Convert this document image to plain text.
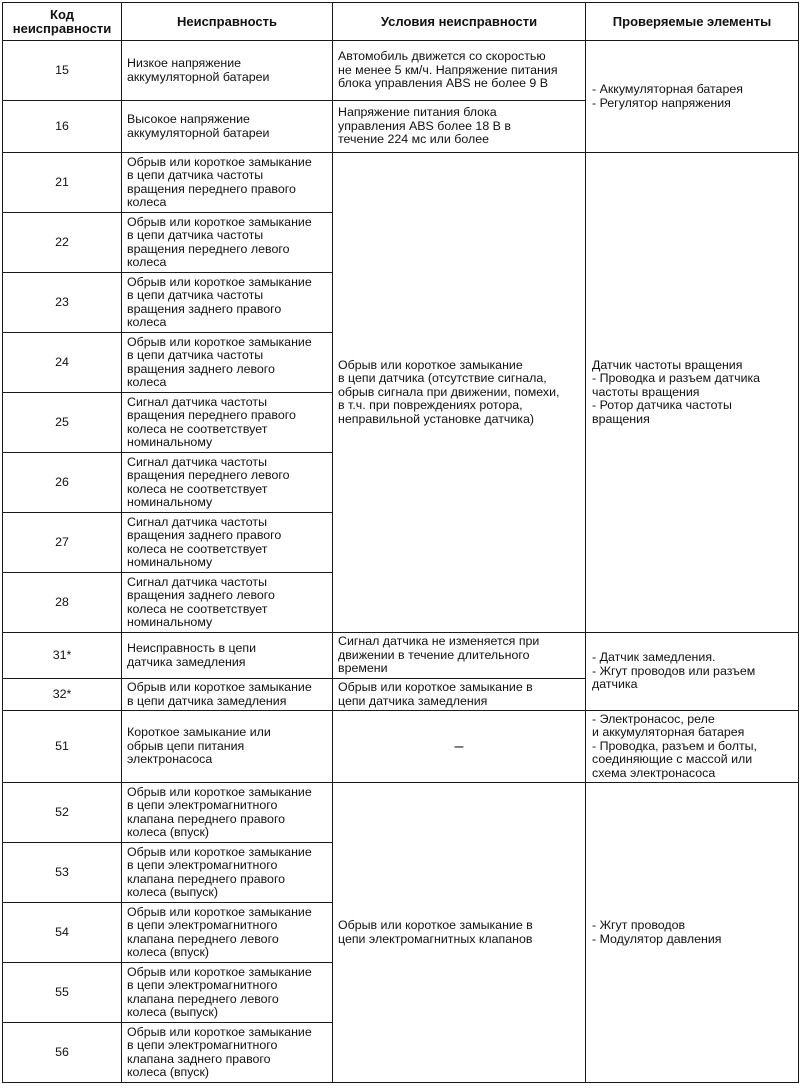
Код неисправности	Неисправность	Условия неисправности	Проверяемые элементы
15	Низкое напряжение
аккумуляторной батареи	Автомобиль движется со скоростью
не менее 5 км/ч. Напряжение питания
блока управления ABS не более 9 В	- Аккумуляторная батарея
- Регулятор напряжения
16	Высокое напряжение
аккумуляторной батареи	Напряжение питания блока
управления ABS более 18 В в
течение 224 мс или более	
21	Обрыв или короткое замыкание
в цепи датчика частоты
вращения переднего правого
колеса	Обрыв или короткое замыкание
в цепи датчика (отсутствие сигнала,
обрыв сигнала при движении, помехи,
в т.ч. при повреждениях ротора,
неправильной установке датчика)	Датчик частоты вращения
- Проводка и разъем датчика
частоты вращения
- Ротор датчика частоты
вращения
22	Обрыв или короткое замыкание
в цепи датчика частоты
вращения переднего левого
колеса		
23	Обрыв или короткое замыкание
в цепи датчика частоты
вращения заднего правого
колеса		
24	Обрыв или короткое замыкание
в цепи датчика частоты
вращения заднего левого
колеса		
25	Сигнал датчика частоты
вращения переднего правого
колеса не соответствует
номинальному		
26	Сигнал датчика частоты
вращения переднего левого
колеса не соответствует
номинальному		
27	Сигнал датчика частоты
вращения заднего правого
колеса не соответствует
номинальному		
28	Сигнал датчика частоты
вращения заднего левого
колеса не соответствует
номинальному		
31*	Неисправность в цепи
датчика замедления	Сигнал датчика не изменяется при
движении в течение длительного
времени	- Датчик замедления.
- Жгут проводов или разъем
датчика
32*	Обрыв или короткое замыкание
в цепи датчика замедления	Обрыв или короткое замыкание в
цепи датчика замедления	
51	Короткое замыкание или
обрыв цепи питания
электронасоса	–	- Электронасос, реле
и аккумуляторная батарея
- Проводка, разъем и болты,
соединяющие с массой или
схема электронасоса
52	Обрыв или короткое замыкание
в цепи электромагнитного
клапана переднего правого
колеса (впуск)	Обрыв или короткое замыкание в
цепи электромагнитных клапанов	- Жгут проводов
- Модулятор давления
53	Обрыв или короткое замыкание
в цепи электромагнитного
клапана переднего правого
колеса (выпуск)		
54	Обрыв или короткое замыкание
в цепи электромагнитного
клапана переднего левого
колеса (впуск)		
55	Обрыв или короткое замыкание
в цепи электромагнитного
клапана переднего левого
колеса (выпуск)		
56	Обрыв или короткое замыкание
в цепи электромагнитного
клапана заднего правого
колеса (впуск)		
